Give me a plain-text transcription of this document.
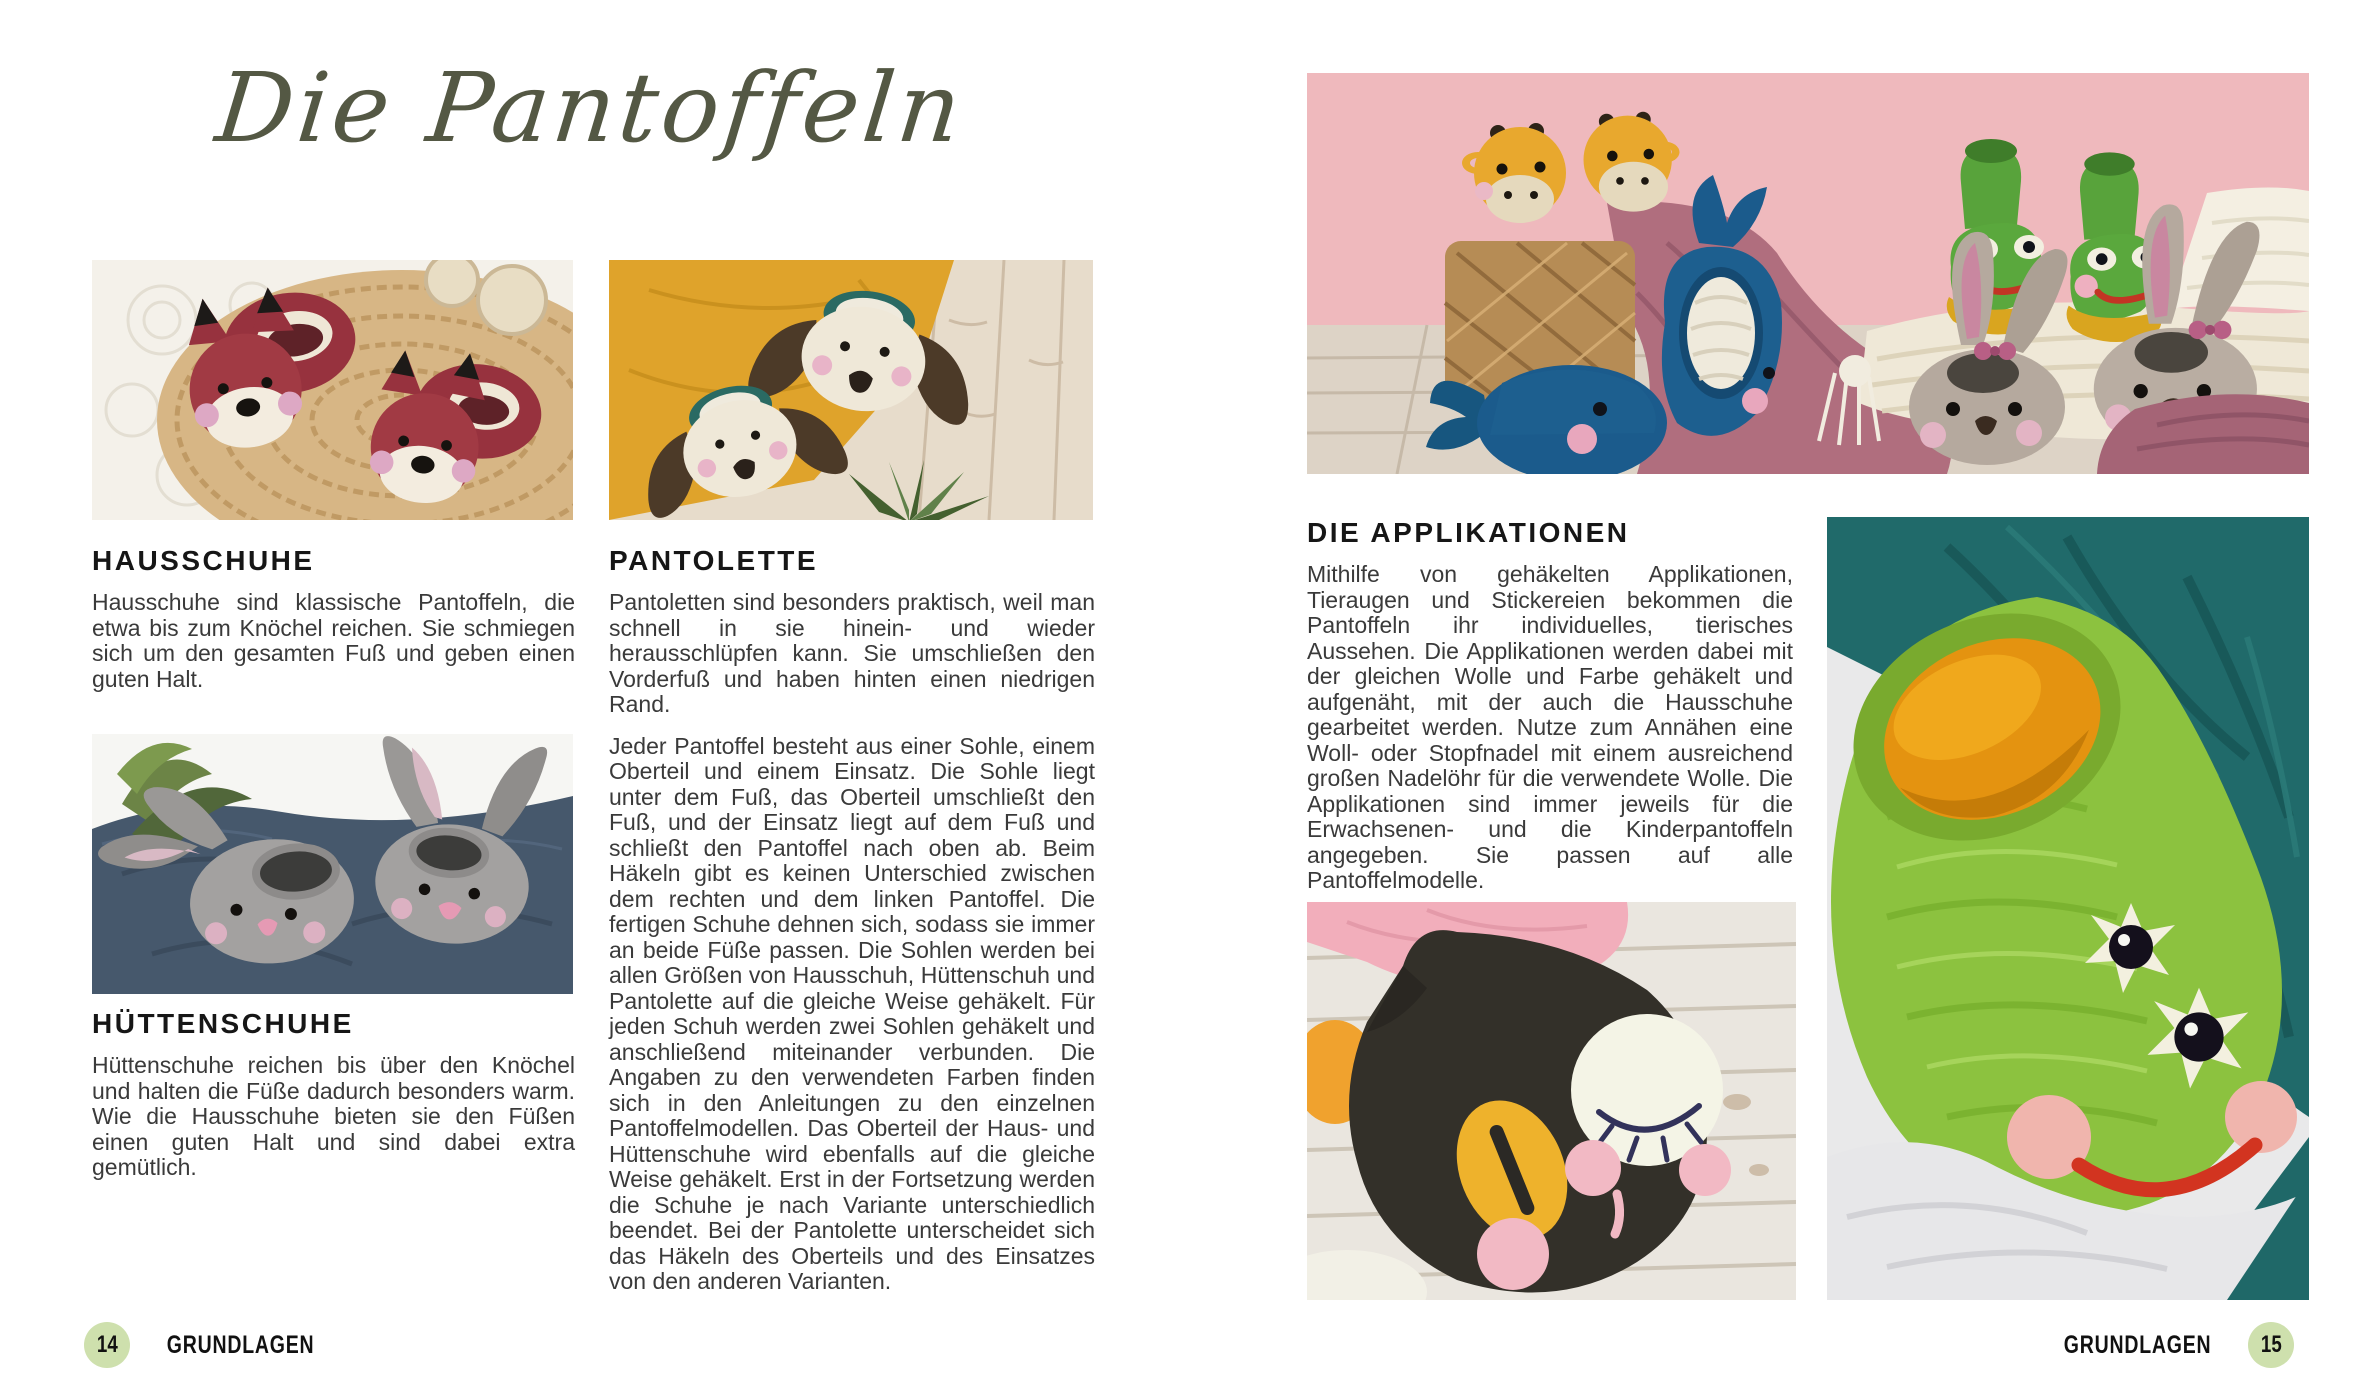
Die Pantoffeln
HAUSSCHUHE

Hausschuhe sind klassische Pantoffeln, die etwa bis zum Knöchel reichen. Sie schmiegen sich um den gesamten Fuß und geben einen guten Halt.

HÜTTENSCHUHE

Hüttenschuhe reichen bis über den Knöchel und halten die Füße dadurch besonders warm. Wie die Hausschuhe bieten sie den Füßen einen guten Halt und sind dabei extra gemütlich.

PANTOLETTE

Pantoletten sind besonders praktisch, weil man schnell in sie hinein- und wieder herausschlüpfen kann. Sie umschließen den Vorderfuß und haben hinten einen niedrigen Rand.

Jeder Pantoffel besteht aus einer Sohle, einem Oberteil und einem Einsatz. Die Sohle liegt unter dem Fuß, das Oberteil umschließt den Fuß, und der Einsatz liegt auf dem Fuß und schließt den Pantoffel nach oben ab. Beim Häkeln gibt es keinen Unterschied zwischen dem rechten und dem linken Pantoffel. Die fertigen Schuhe dehnen sich, sodass sie immer an beide Füße passen. Die Sohlen werden bei allen Größen von Hausschuh, Hüttenschuh und Pantolette auf die gleiche Weise gehäkelt. Für jeden Schuh werden zwei Sohlen gehäkelt und anschließend miteinander verbunden. Die Angaben zu den verwendeten Farben finden sich in den Anleitungen zu den einzelnen Pantoffelmodellen. Das Oberteil der Haus- und Hüttenschuhe wird ebenfalls auf die gleiche Weise gehäkelt. Erst in der Fortsetzung werden die Schuhe je nach Variante unterschiedlich beendet. Bei der Pantolette unterscheidet sich das Häkeln des Oberteils und des Einsatzes von den anderen Varianten.

14 GRUNDLAGEN
DIE APPLIKATIONEN

Mithilfe von gehäkelten Applikationen, Tieraugen und Stickereien bekommen die Pantoffeln ihr individuelles, tierisches Aussehen. Die Applikationen werden dabei mit der gleichen Wolle und Farbe gehäkelt und aufgenäht, mit der auch die Hausschuhe gearbeitet werden. Nutze zum Annähen eine Woll- oder Stopfnadel mit einem ausreichend großen Nadelöhr für die verwendete Wolle. Die Applikationen sind immer jeweils für die Erwachsenen- und die Kinderpantoffeln angegeben. Sie passen auf alle Pantoffelmodelle.

GRUNDLAGEN 15
